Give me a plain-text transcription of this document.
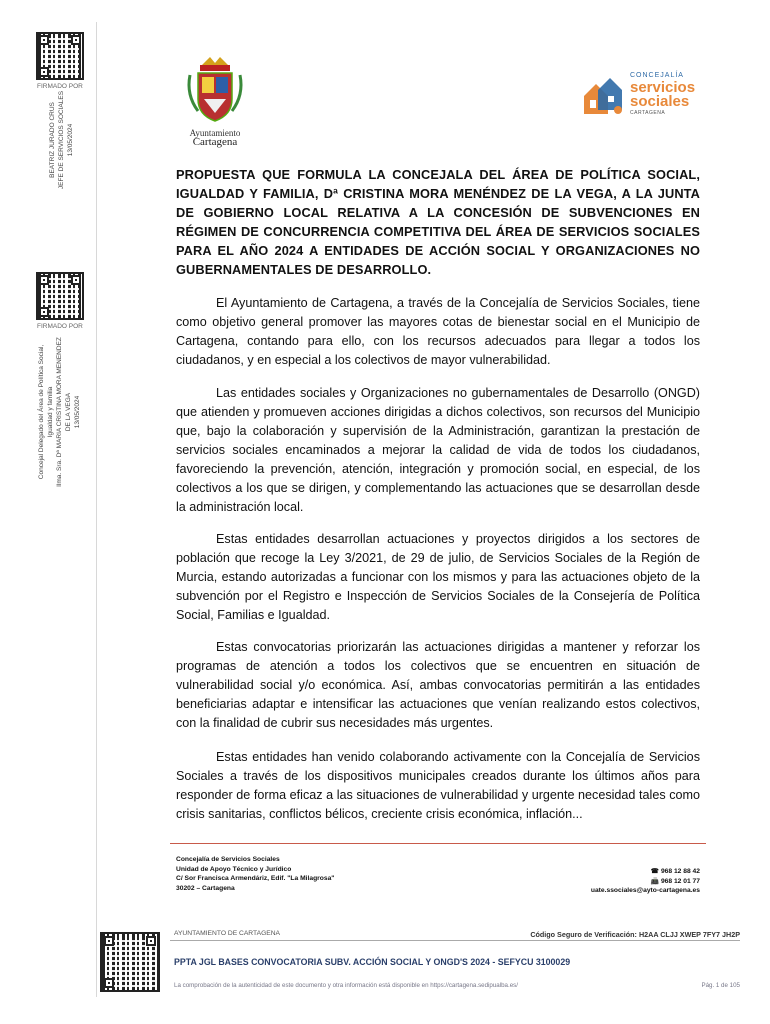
FIRMADO POR
BEATRIZ JURADO CRUS JEFE DE SERVICIOS SOCIALES 13/05/2024
FIRMADO POR
Concejal Delegado del Área de Política Social, Igualdad y familia Ilma. Sra. Dª MARIA CRISTINA MORA MENENDEZ DE LA VEGA 13/05/2024
Ayuntamiento
Cartagena
CONCEJALÍA
servicios
sociales
CARTAGENA
PROPUESTA QUE FORMULA LA CONCEJALA DEL ÁREA DE POLÍTICA SOCIAL, IGUALDAD Y FAMILIA, Dª CRISTINA MORA MENÉNDEZ DE LA VEGA, A LA JUNTA DE GOBIERNO LOCAL RELATIVA A LA CONCESIÓN DE SUBVENCIONES EN RÉGIMEN DE CONCURRENCIA COMPETITIVA DEL ÁREA DE SERVICIOS SOCIALES PARA EL AÑO 2024 A ENTIDADES DE ACCIÓN SOCIAL Y ORGANIZACIONES NO GUBERNAMENTALES DE DESARROLLO.
El Ayuntamiento de Cartagena, a través de la Concejalía de Servicios Sociales, tiene como objetivo general promover las mayores cotas de bienestar social en el Municipio de Cartagena, contando para ello, con los recursos adecuados para llegar a todos los ciudadanos, y en especial a los colectivos de mayor vulnerabilidad.
Las entidades sociales y Organizaciones no gubernamentales de Desarrollo (ONGD) que atienden y promueven acciones dirigidas a dichos colectivos, son recursos del Municipio que, bajo la colaboración y supervisión de la Administración, garantizan la prestación de servicios sociales encaminados a mejorar la calidad de vida de todos los ciudadanos, favoreciendo la prevención, atención, integración y promoción social, en especial, de los colectivos a los que se dirigen, y complementando las actuaciones que se desarrollan desde la administración local.
Estas entidades desarrollan actuaciones y proyectos dirigidos a los sectores de población que recoge la Ley 3/2021, de 29 de julio, de Servicios Sociales de la Región de Murcia, estando autorizadas a funcionar con los mismos y para las actuaciones objeto de la subvención por el Registro e Inspección de Servicios Sociales de la Consejería de Política Social, Familias e Igualdad.
Estas convocatorias priorizarán las actuaciones dirigidas a mantener y reforzar los programas de atención a todos los colectivos que se encuentren en situación de vulnerabilidad social y/o económica. Así, ambas convocatorias permitirán a las entidades beneficiarias adaptar e intensificar las actuaciones que venían realizando estos colectivos, con la finalidad de cubrir sus necesidades más urgentes.
Estas entidades han venido colaborando activamente con la Concejalía de Servicios Sociales a través de los dispositivos municipales creados durante los últimos años para responder de forma eficaz a las situaciones de vulnerabilidad y urgente necesidad tales como crisis sanitarias, conflictos bélicos, creciente crisis económica, inflación...
Concejalía de Servicios Sociales
Unidad de Apoyo Técnico y Jurídico
C/ Sor Francisca Armendáriz, Edif. "La Milagrosa"
30202 – Cartagena
☎ 968 12 88 42
📠 968 12 01 77
uate.ssociales@ayto-cartagena.es
AYUNTAMIENTO DE CARTAGENA	Código Seguro de Verificación: H2AA CLJJ XWEP 7FY7 JH2P
PPTA JGL BASES CONVOCATORIA SUBV. ACCIÓN SOCIAL Y ONGD'S 2024 - SEFYCU 3100029
La comprobación de la autenticidad de este documento y otra información está disponible en https://cartagena.sedipualba.es/	Pág. 1 de 105
